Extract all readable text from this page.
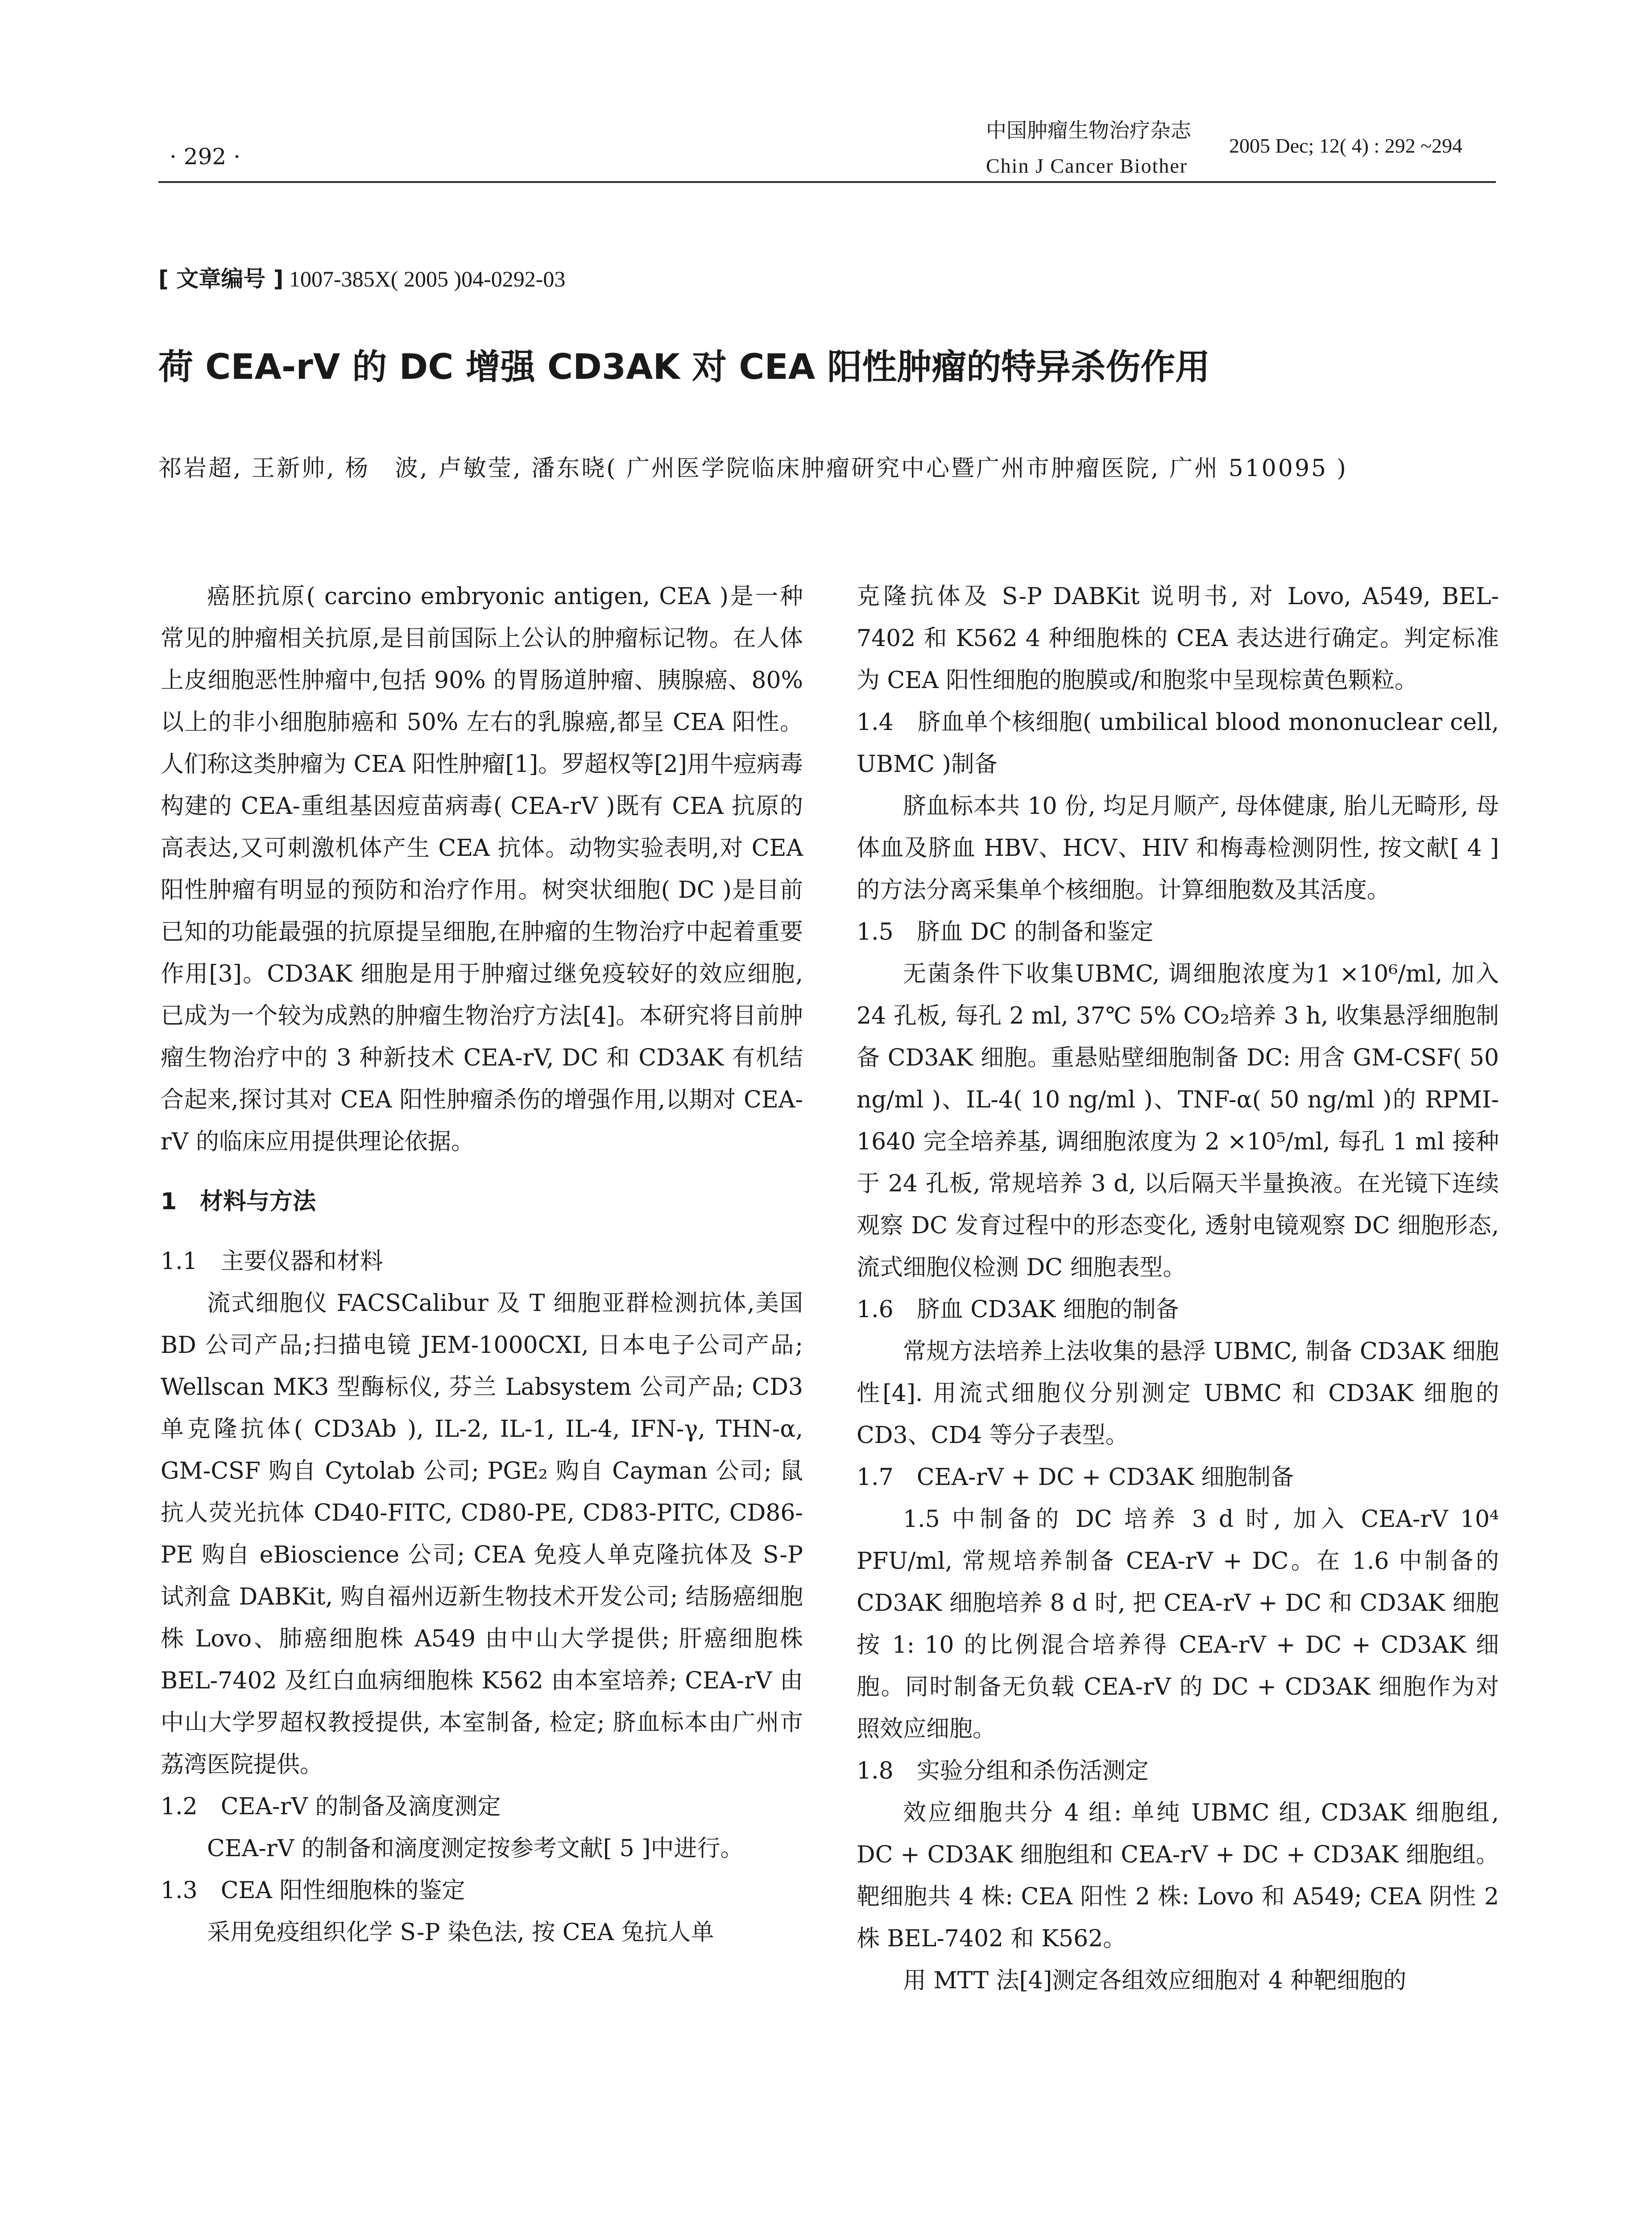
· 292 ·
中国肿瘤生物治疗杂志
Chin J Cancer Biother
2005 Dec; 12( 4) : 292 ~294
[ 文章编号 ] 1007-385X( 2005 )04-0292-03
荷 CEA-rV 的 DC 增强 CD3AK 对 CEA 阳性肿瘤的特异杀伤作用
祁岩超, 王新帅, 杨　波, 卢敏莹, 潘东晓( 广州医学院临床肿瘤研究中心暨广州市肿瘤医院, 广州 510095 )

癌胚抗原( carcino embryonic antigen, CEA )是一种常见的肿瘤相关抗原,是目前国际上公认的肿瘤标记物。在人体上皮细胞恶性肿瘤中,包括 90% 的胃肠道肿瘤、胰腺癌、80% 以上的非小细胞肺癌和 50% 左右的乳腺癌,都呈 CEA 阳性。人们称这类肿瘤为 CEA 阳性肿瘤[1]。罗超权等[2]用牛痘病毒构建的 CEA-重组基因痘苗病毒( CEA-rV )既有 CEA 抗原的高表达,又可刺激机体产生 CEA 抗体。动物实验表明,对 CEA 阳性肿瘤有明显的预防和治疗作用。树突状细胞( DC )是目前已知的功能最强的抗原提呈细胞,在肿瘤的生物治疗中起着重要作用[3]。CD3AK 细胞是用于肿瘤过继免疫较好的效应细胞,已成为一个较为成熟的肿瘤生物治疗方法[4]。本研究将目前肿瘤生物治疗中的 3 种新技术 CEA-rV, DC 和 CD3AK 有机结合起来,探讨其对 CEA 阳性肿瘤杀伤的增强作用,以期对 CEA-rV 的临床应用提供理论依据。

1　材料与方法

1.1　主要仪器和材料

流式细胞仪 FACSCalibur 及 T 细胞亚群检测抗体,美国 BD 公司产品;扫描电镜 JEM-1000CXI, 日本电子公司产品; Wellscan MK3 型酶标仪, 芬兰 Labsystem 公司产品; CD3 单克隆抗体( CD3Ab ), IL-2, IL-1, IL-4, IFN-γ, THN-α, GM-CSF 购自 Cytolab 公司; PGE₂ 购自 Cayman 公司; 鼠抗人荧光抗体 CD40-FITC, CD80-PE, CD83-PITC, CD86-PE 购自 eBioscience 公司; CEA 免疫人单克隆抗体及 S-P 试剂盒 DABKit, 购自福州迈新生物技术开发公司; 结肠癌细胞株 Lovo、肺癌细胞株 A549 由中山大学提供; 肝癌细胞株 BEL-7402 及红白血病细胞株 K562 由本室培养; CEA-rV 由中山大学罗超权教授提供, 本室制备, 检定; 脐血标本由广州市荔湾医院提供。

1.2　CEA-rV 的制备及滴度测定

CEA-rV 的制备和滴度测定按参考文献[ 5 ]中进行。

1.3　CEA 阳性细胞株的鉴定

采用免疫组织化学 S-P 染色法, 按 CEA 兔抗人单

克隆抗体及 S-P DABKit 说明书, 对 Lovo, A549, BEL-7402 和 K562 4 种细胞株的 CEA 表达进行确定。判定标准为 CEA 阳性细胞的胞膜或/和胞浆中呈现棕黄色颗粒。

1.4　脐血单个核细胞( umbilical blood mononuclear cell, UBMC )制备

脐血标本共 10 份, 均足月顺产, 母体健康, 胎儿无畸形, 母体血及脐血 HBV、HCV、HIV 和梅毒检测阴性, 按文献[ 4 ]的方法分离采集单个核细胞。计算细胞数及其活度。

1.5　脐血 DC 的制备和鉴定

无菌条件下收集UBMC, 调细胞浓度为1 ×10⁶/ml, 加入 24 孔板, 每孔 2 ml, 37℃ 5% CO₂培养 3 h, 收集悬浮细胞制备 CD3AK 细胞。重悬贴壁细胞制备 DC: 用含 GM-CSF( 50 ng/ml )、IL-4( 10 ng/ml )、TNF-α( 50 ng/ml )的 RPMI-1640 完全培养基, 调细胞浓度为 2 ×10⁵/ml, 每孔 1 ml 接种于 24 孔板, 常规培养 3 d, 以后隔天半量换液。在光镜下连续观察 DC 发育过程中的形态变化, 透射电镜观察 DC 细胞形态, 流式细胞仪检测 DC 细胞表型。

1.6　脐血 CD3AK 细胞的制备

常规方法培养上法收集的悬浮 UBMC, 制备 CD3AK 细胞性[4]. 用流式细胞仪分别测定 UBMC 和 CD3AK 细胞的 CD3、CD4 等分子表型。

1.7　CEA-rV + DC + CD3AK 细胞制备

1.5 中制备的 DC 培养 3 d 时, 加入 CEA-rV 10⁴ PFU/ml, 常规培养制备 CEA-rV + DC。在 1.6 中制备的 CD3AK 细胞培养 8 d 时, 把 CEA-rV + DC 和 CD3AK 细胞按 1: 10 的比例混合培养得 CEA-rV + DC + CD3AK 细胞。同时制备无负载 CEA-rV 的 DC + CD3AK 细胞作为对照效应细胞。

1.8　实验分组和杀伤活测定

效应细胞共分 4 组: 单纯 UBMC 组, CD3AK 细胞组, DC + CD3AK 细胞组和 CEA-rV + DC + CD3AK 细胞组。靶细胞共 4 株: CEA 阳性 2 株: Lovo 和 A549; CEA 阴性 2 株 BEL-7402 和 K562。

用 MTT 法[4]测定各组效应细胞对 4 种靶细胞的
